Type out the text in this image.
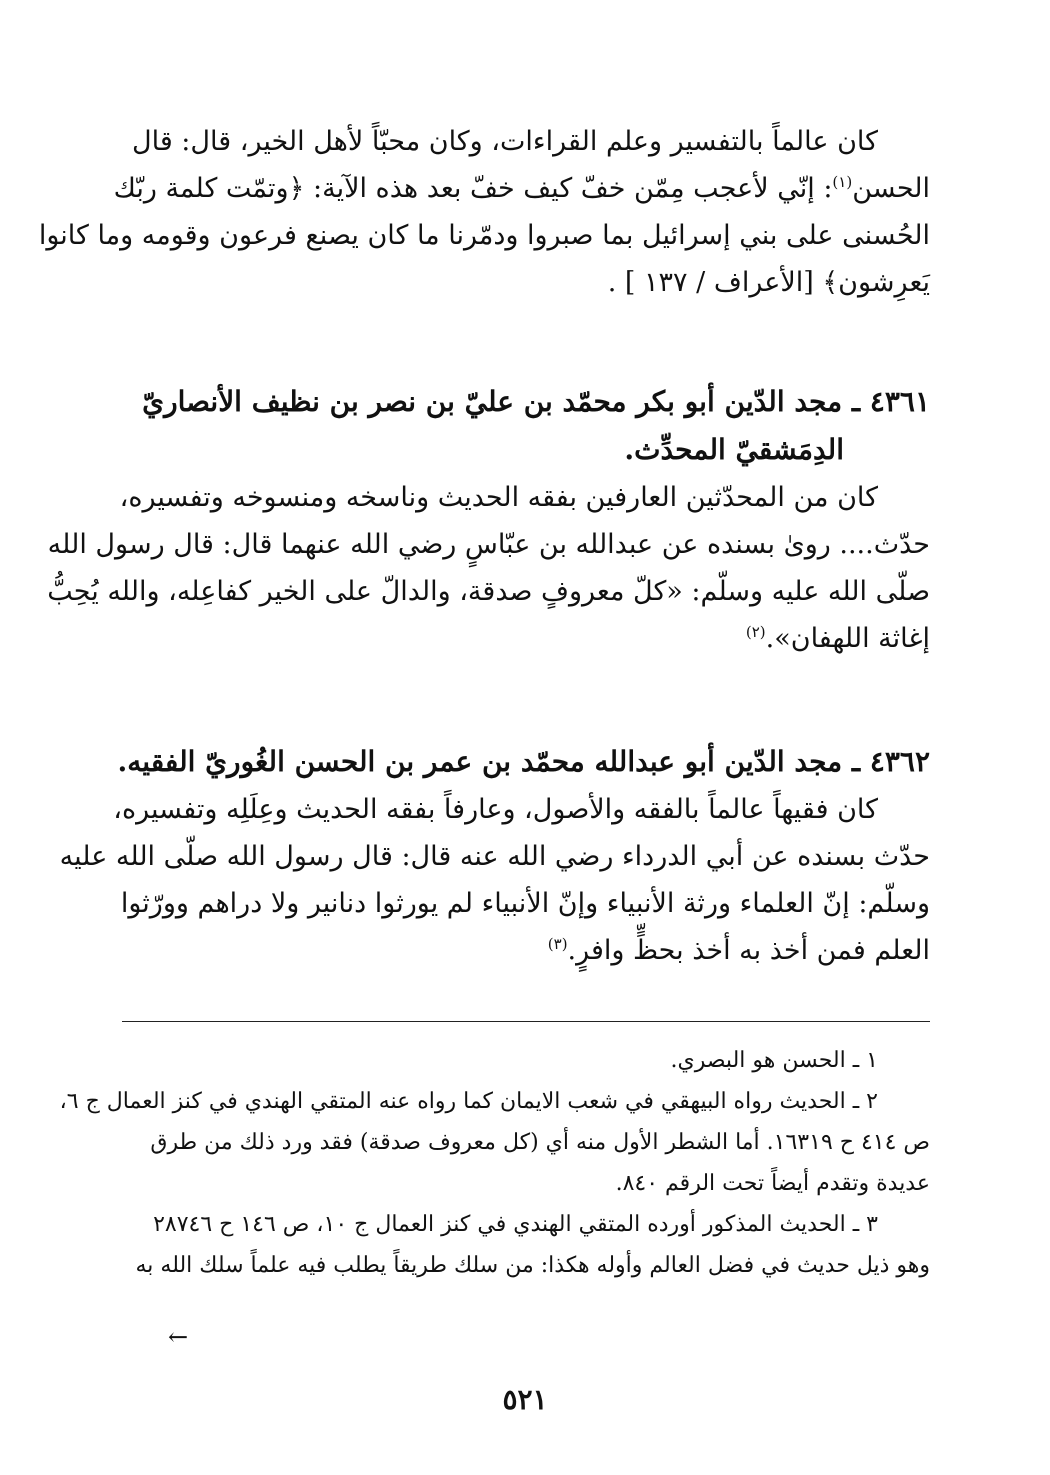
كان عالماً بالتفسير وعلم القراءات، وكان محبّاً لأهل الخير، قال: قال
الحسن$^{(١)}$: إنّي لأعجب مِمّن خفّ كيف خفّ بعد هذه الآية: ﴿وتمّت كلمة ربّك
الحُسنى على بني إسرائيل بما صبروا ودمّرنا ما كان يصنع فرعون وقومه وما كانوا
يَعرِشون﴾ [الأعراف / ١٣٧ ] .
٤٣٦١ ـ مجد الدّين أبو بكر محمّد بن عليّ بن نصر بن نظيف الأنصاريّ
الدِمَشقيّ المحدِّث.
كان من المحدّثين العارفين بفقه الحديث وناسخه ومنسوخه وتفسيره،
حدّث.... روىٰ بسنده عن عبدالله بن عبّاسٍ رضي الله عنهما قال: قال رسول الله
صلّى الله عليه وسلّم: «كلّ معروفٍ صدقة، والدالّ على الخير كفاعِله، والله يُحِبُّ
إغاثة اللهفان».$^{(٢)}$
٤٣٦٢ ـ مجد الدّين أبو عبدالله محمّد بن عمر بن الحسن الغُوريّ الفقيه.
كان فقيهاً عالماً بالفقه والأصول، وعارفاً بفقه الحديث وعِلَلِه وتفسيره،
حدّث بسنده عن أبي الدرداء رضي الله عنه قال: قال رسول الله صلّى الله عليه
وسلّم: إنّ العلماء ورثة الأنبياء وإنّ الأنبياء لم يورثوا دنانير ولا دراهم وورّثوا
العلم فمن أخذ به أخذ بحظٍّ وافرٍ.$^{(٣)}$
١ ـ الحسن هو البصري.
٢ ـ الحديث رواه البيهقي في شعب الايمان كما رواه عنه المتقي الهندي في كنز العمال ج ٦،
ص ٤١٤ ح ١٦٣١٩. أما الشطر الأول منه أي (كل معروف صدقة) فقد ورد ذلك من طرق
عديدة وتقدم أيضاً تحت الرقم ٨٤٠.
٣ ـ الحديث المذكور أورده المتقي الهندي في كنز العمال ج ١٠، ص ١٤٦ ح ٢٨٧٤٦
وهو ذيل حديث في فضل العالم وأوله هكذا: من سلك طريقاً يطلب فيه علماً سلك الله به
←
٥٢١
